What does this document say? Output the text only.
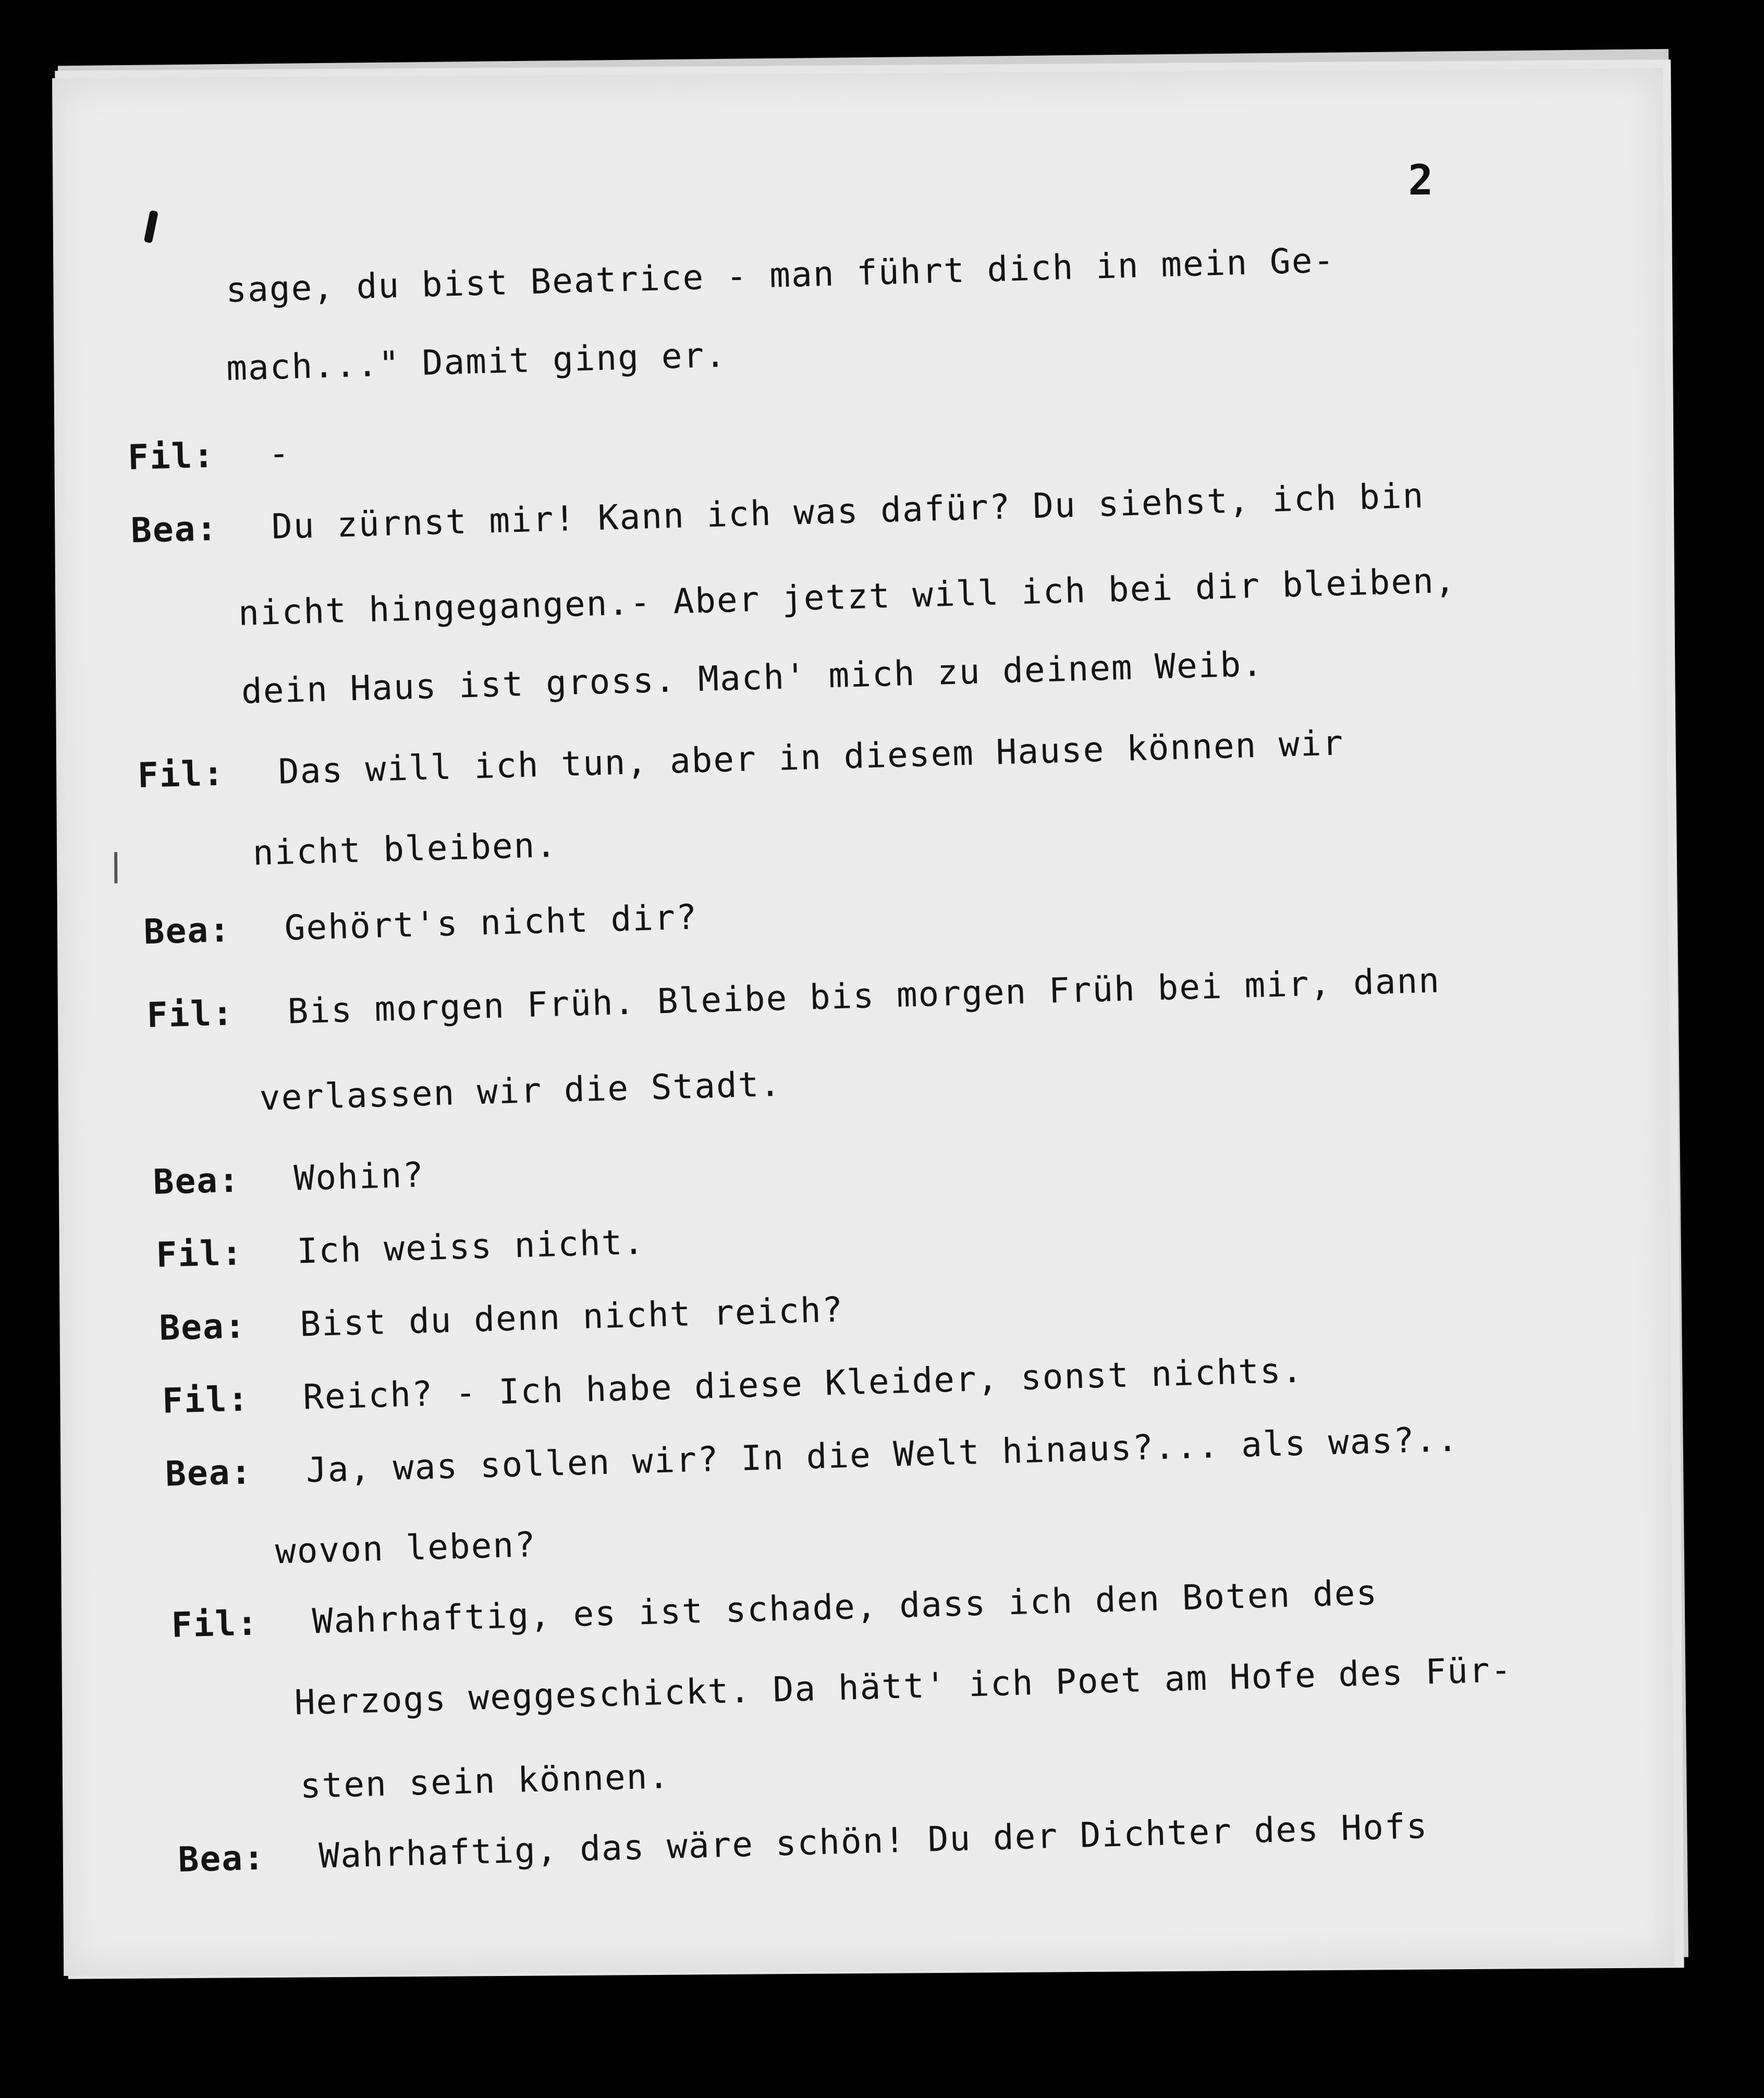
2
sage, du bist Beatrice - man führt dich in mein Ge-
mach..." Damit ging er.
Fil: -
Bea: Du zürnst mir! Kann ich was dafür? Du siehst, ich bin
nicht hingegangen.- Aber jetzt will ich bei dir bleiben,
dein Haus ist gross. Mach' mich zu deinem Weib.
Fil: Das will ich tun, aber in diesem Hause können wir
nicht bleiben.
Bea: Gehört's nicht dir?
Fil: Bis morgen Früh. Bleibe bis morgen Früh bei mir, dann
verlassen wir die Stadt.
Bea: Wohin?
Fil: Ich weiss nicht.
Bea: Bist du denn nicht reich?
Fil: Reich? - Ich habe diese Kleider, sonst nichts.
Bea: Ja, was sollen wir? In die Welt hinaus?... als was?..
wovon leben?
Fil: Wahrhaftig, es ist schade, dass ich den Boten des
Herzogs weggeschickt. Da hätt' ich Poet am Hofe des Für-
sten sein können.
Bea: Wahrhaftig, das wäre schön! Du der Dichter des Hofs
